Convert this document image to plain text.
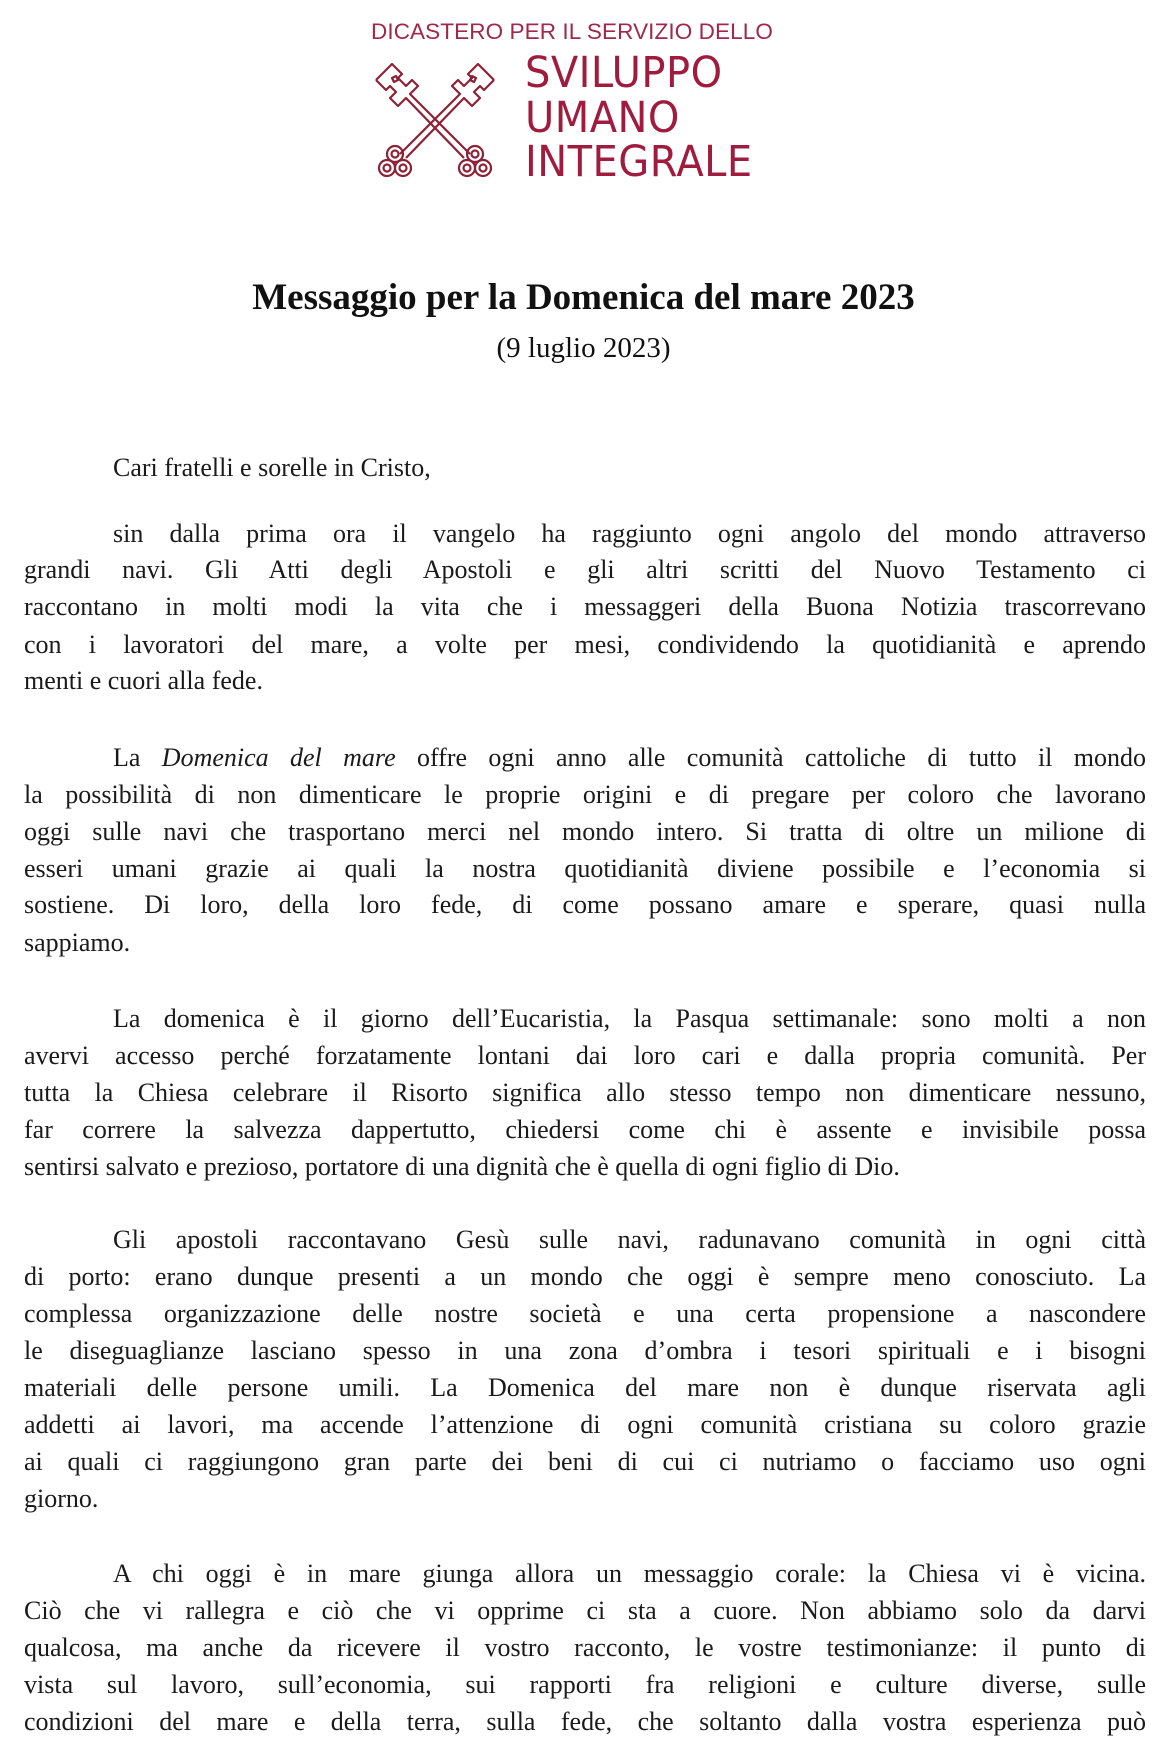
DICASTERO PER IL SERVIZIO DELLO
SVILUPPO
UMANO
INTEGRALE
Messaggio per la Domenica del mare 2023
(9 luglio 2023)
Cari fratelli e sorelle in Cristo,
sin dalla prima ora il vangelo ha raggiunto ogni angolo del mondo attraverso
grandi navi. Gli Atti degli Apostoli e gli altri scritti del Nuovo Testamento ci
raccontano in molti modi la vita che i messaggeri della Buona Notizia trascorrevano
con i lavoratori del mare, a volte per mesi, condividendo la quotidianità e aprendo
menti e cuori alla fede.
La Domenica del mare offre ogni anno alle comunità cattoliche di tutto il mondo
la possibilità di non dimenticare le proprie origini e di pregare per coloro che lavorano
oggi sulle navi che trasportano merci nel mondo intero. Si tratta di oltre un milione di
esseri umani grazie ai quali la nostra quotidianità diviene possibile e l’economia si
sostiene. Di loro, della loro fede, di come possano amare e sperare, quasi nulla
sappiamo.
La domenica è il giorno dell’Eucaristia, la Pasqua settimanale: sono molti a non
avervi accesso perché forzatamente lontani dai loro cari e dalla propria comunità. Per
tutta la Chiesa celebrare il Risorto significa allo stesso tempo non dimenticare nessuno,
far correre la salvezza dappertutto, chiedersi come chi è assente e invisibile possa
sentirsi salvato e prezioso, portatore di una dignità che è quella di ogni figlio di Dio.
Gli apostoli raccontavano Gesù sulle navi, radunavano comunità in ogni città
di porto: erano dunque presenti a un mondo che oggi è sempre meno conosciuto. La
complessa organizzazione delle nostre società e una certa propensione a nascondere
le diseguaglianze lasciano spesso in una zona d’ombra i tesori spirituali e i bisogni
materiali delle persone umili. La Domenica del mare non è dunque riservata agli
addetti ai lavori, ma accende l’attenzione di ogni comunità cristiana su coloro grazie
ai quali ci raggiungono gran parte dei beni di cui ci nutriamo o facciamo uso ogni
giorno.
A chi oggi è in mare giunga allora un messaggio corale: la Chiesa vi è vicina.
Ciò che vi rallegra e ciò che vi opprime ci sta a cuore. Non abbiamo solo da darvi
qualcosa, ma anche da ricevere il vostro racconto, le vostre testimonianze: il punto di
vista sul lavoro, sull’economia, sui rapporti fra religioni e culture diverse, sulle
condizioni del mare e della terra, sulla fede, che soltanto dalla vostra esperienza può
